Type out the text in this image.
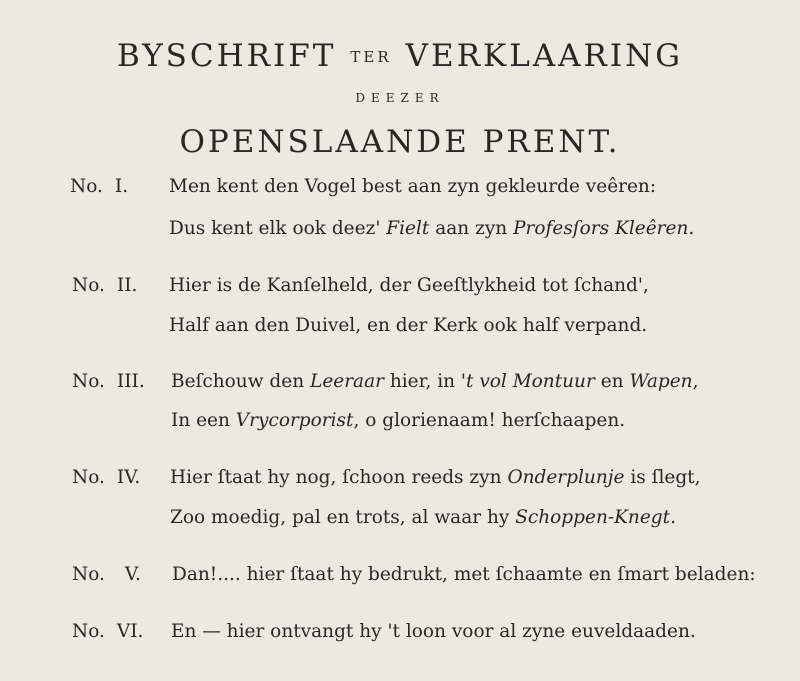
BYSCHRIFT TER VERKLAARING
DEEZER
OPENSLAANDE PRENT.
No. I. Men kent den Vogel best aan zyn gekleurde veêren:
Dus kent elk ook deez' Fielt aan zyn Profesſors Kleêren.
No. II. Hier is de Kanſelheld, der Geeſtlykheid tot ſchand',
Half aan den Duivel, en der Kerk ook half verpand.
No. III. Beſchouw den Leeraar hier, in 't vol Montuur en Wapen,
In een Vrycorporist, o glorienaam! herſchaapen.
No. IV. Hier ſtaat hy nog, ſchoon reeds zyn Onderplunje is ſlegt,
Zoo moedig, pal en trots, al waar hy Schoppen-Knegt.
No. V. Dan!.... hier ſtaat hy bedrukt, met ſchaamte en ſmart beladen:
No. VI. En — hier ontvangt hy 't loon voor al zyne euveldaaden.
